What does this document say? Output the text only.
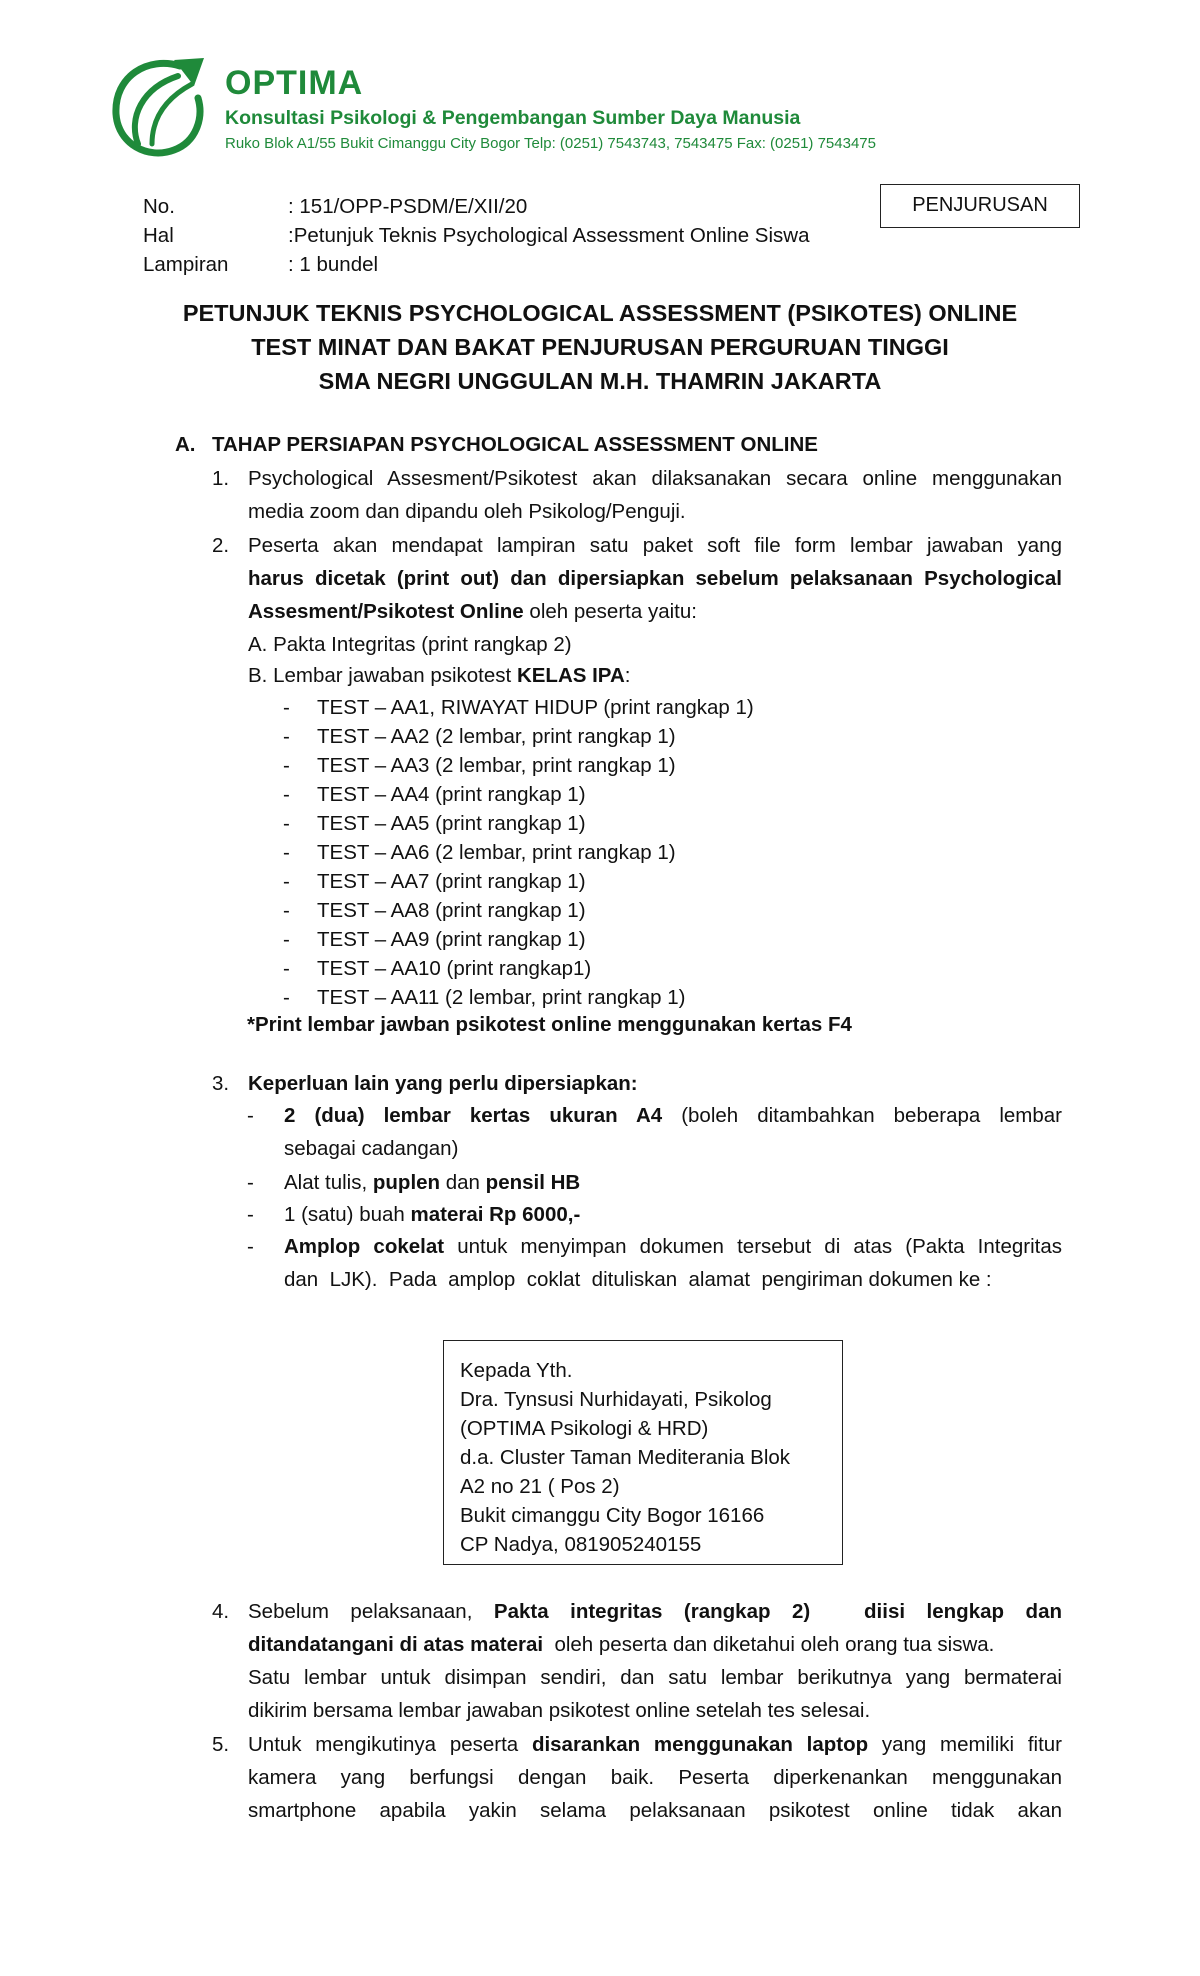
OPTIMA
Konsultasi Psikologi & Pengembangan Sumber Daya Manusia
Ruko Blok A1/55 Bukit Cimanggu City Bogor Telp: (0251) 7543743, 7543475 Fax: (0251) 7543475
No.	: 151/OPP-PSDM/E/XII/20
Hal	:Petunjuk Teknis Psychological Assessment Online Siswa
Lampiran	: 1 bundel
PENJURUSAN
PETUNJUK TEKNIS PSYCHOLOGICAL ASSESSMENT (PSIKOTES) ONLINE
TEST MINAT DAN BAKAT PENJURUSAN PERGURUAN TINGGI
SMA NEGRI UNGGULAN M.H. THAMRIN JAKARTA
A. TAHAP PERSIAPAN PSYCHOLOGICAL ASSESSMENT ONLINE
1. Psychological Assesment/Psikotest akan dilaksanakan secara online menggunakan
media zoom dan dipandu oleh Psikolog/Penguji.
2. Peserta akan mendapat lampiran satu paket soft file form lembar jawaban yang
harus dicetak (print out) dan dipersiapkan sebelum pelaksanaan Psychological
Assesment/Psikotest Online oleh peserta yaitu:
A. Pakta Integritas (print rangkap 2)
B. Lembar jawaban psikotest KELAS IPA:
- TEST – AA1, RIWAYAT HIDUP (print rangkap 1)
- TEST – AA2 (2 lembar, print rangkap 1)
- TEST – AA3 (2 lembar, print rangkap 1)
- TEST – AA4 (print rangkap 1)
- TEST – AA5 (print rangkap 1)
- TEST – AA6 (2 lembar, print rangkap 1)
- TEST – AA7 (print rangkap 1)
- TEST – AA8 (print rangkap 1)
- TEST – AA9 (print rangkap 1)
- TEST – AA10 (print rangkap1)
- TEST – AA11 (2 lembar, print rangkap 1)
*Print lembar jawban psikotest online menggunakan kertas F4
3. Keperluan lain yang perlu dipersiapkan:
- 2 (dua) lembar kertas ukuran A4 (boleh ditambahkan beberapa lembar
sebagai cadangan)
- Alat tulis, puplen dan pensil HB
- 1 (satu) buah materai Rp 6000,-
- Amplop cokelat untuk menyimpan dokumen tersebut di atas (Pakta Integritas
dan  LJK).  Pada  amplop  coklat  dituliskan  alamat  pengiriman dokumen ke :
Kepada Yth.
Dra. Tynsusi Nurhidayati, Psikolog
(OPTIMA Psikologi & HRD)
d.a. Cluster Taman Mediterania Blok
A2 no 21 ( Pos 2)
Bukit cimanggu City Bogor 16166
CP Nadya, 081905240155
4. Sebelum  pelaksanaan,  Pakta  integritas  (rangkap  2)     diisi  lengkap  dan
ditandatangani di atas materai  oleh peserta dan diketahui oleh orang tua siswa.
Satu lembar untuk disimpan sendiri, dan satu lembar berikutnya yang bermaterai
dikirim bersama lembar jawaban psikotest online setelah tes selesai.
5. Untuk mengikutinya peserta disarankan menggunakan laptop yang memiliki fitur
kamera  yang  berfungsi  dengan  baik.  Peserta  diperkenankan  menggunakan
smartphone  apabila  yakin  selama  pelaksanaan  psikotest  online  tidak  akan
